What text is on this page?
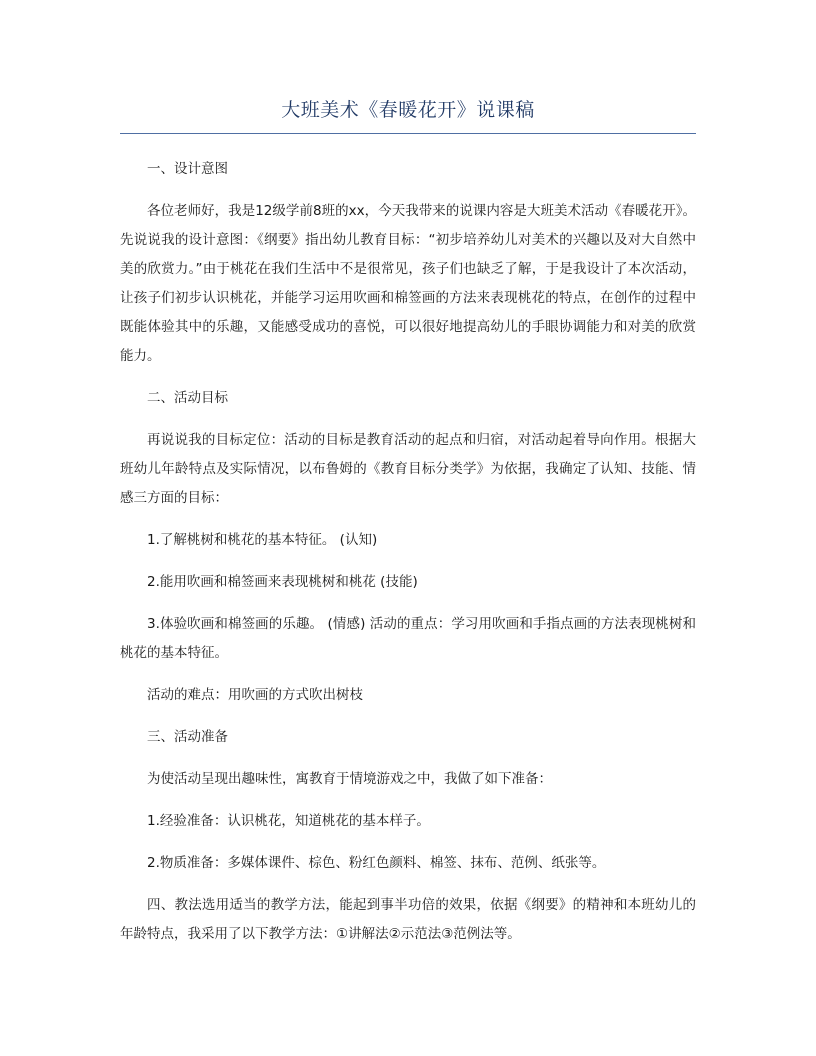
大班美术《春暖花开》说课稿

一、设计意图

各位老师好，我是12级学前8班的xx，今天我带来的说课内容是大班美术活动《春暖花开》。先说说我的设计意图：《纲要》指出幼儿教育目标：“初步培养幼儿对美术的兴趣以及对大自然中美的欣赏力。”由于桃花在我们生活中不是很常见，孩子们也缺乏了解，于是我设计了本次活动，让孩子们初步认识桃花，并能学习运用吹画和棉签画的方法来表现桃花的特点，在创作的过程中既能体验其中的乐趣，又能感受成功的喜悦，可以很好地提高幼儿的手眼协调能力和对美的欣赏能力。

二、活动目标

再说说我的目标定位：活动的目标是教育活动的起点和归宿，对活动起着导向作用。根据大班幼儿年龄特点及实际情况，以布鲁姆的《教育目标分类学》为依据，我确定了认知、技能、情感三方面的目标：

1.了解桃树和桃花的基本特征。 (认知)

2.能用吹画和棉签画来表现桃树和桃花 (技能)

3.体验吹画和棉签画的乐趣。 (情感) 活动的重点：学习用吹画和手指点画的方法表现桃树和桃花的基本特征。

活动的难点：用吹画的方式吹出树枝

三、活动准备

为使活动呈现出趣味性，寓教育于情境游戏之中，我做了如下准备：

1.经验准备：认识桃花，知道桃花的基本样子。

2.物质准备：多媒体课件、棕色、粉红色颜料、棉签、抹布、范例、纸张等。

四、教法选用适当的教学方法，能起到事半功倍的效果，依据《纲要》的精神和本班幼儿的年龄特点，我采用了以下教学方法：①讲解法②示范法③范例法等。
